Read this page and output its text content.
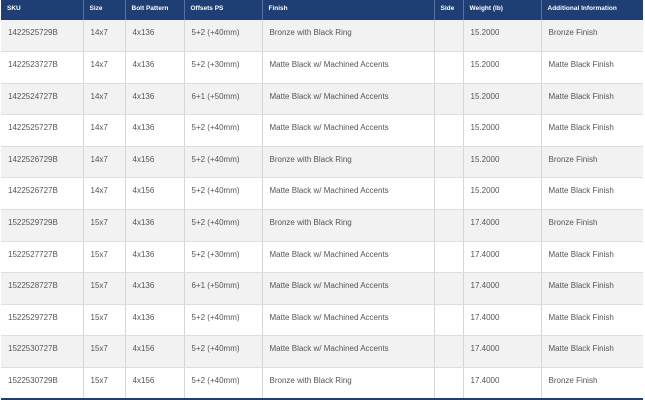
SKU	Size	Bolt Pattern	Offsets PS	Finish	Side	Weight (lb)	Additional Information
1422525729B	14x7	4x136	5+2 (+40mm)	Bronze with Black Ring		15.2000	Bronze Finish
1422523727B	14x7	4x136	5+2 (+30mm)	Matte Black w/ Machined Accents		15.2000	Matte Black Finish
1422524727B	14x7	4x136	6+1 (+50mm)	Matte Black w/ Machined Accents		15.2000	Matte Black Finish
1422525727B	14x7	4x136	5+2 (+40mm)	Matte Black w/ Machined Accents		15.2000	Matte Black Finish
1422526729B	14x7	4x156	5+2 (+40mm)	Bronze with Black Ring		15.2000	Bronze Finish
1422526727B	14x7	4x156	5+2 (+40mm)	Matte Black w/ Machined Accents		15.2000	Matte Black Finish
1522529729B	15x7	4x136	5+2 (+40mm)	Bronze with Black Ring		17.4000	Bronze Finish
1522527727B	15x7	4x136	5+2 (+30mm)	Matte Black w/ Machined Accents		17.4000	Matte Black Finish
1522528727B	15x7	4x136	6+1 (+50mm)	Matte Black w/ Machined Accents		17.4000	Matte Black Finish
1522529727B	15x7	4x136	5+2 (+40mm)	Matte Black w/ Machined Accents		17.4000	Matte Black Finish
1522530727B	15x7	4x156	5+2 (+40mm)	Matte Black w/ Machined Accents		17.4000	Matte Black Finish
1522530729B	15x7	4x156	5+2 (+40mm)	Bronze with Black Ring		17.4000	Bronze Finish
